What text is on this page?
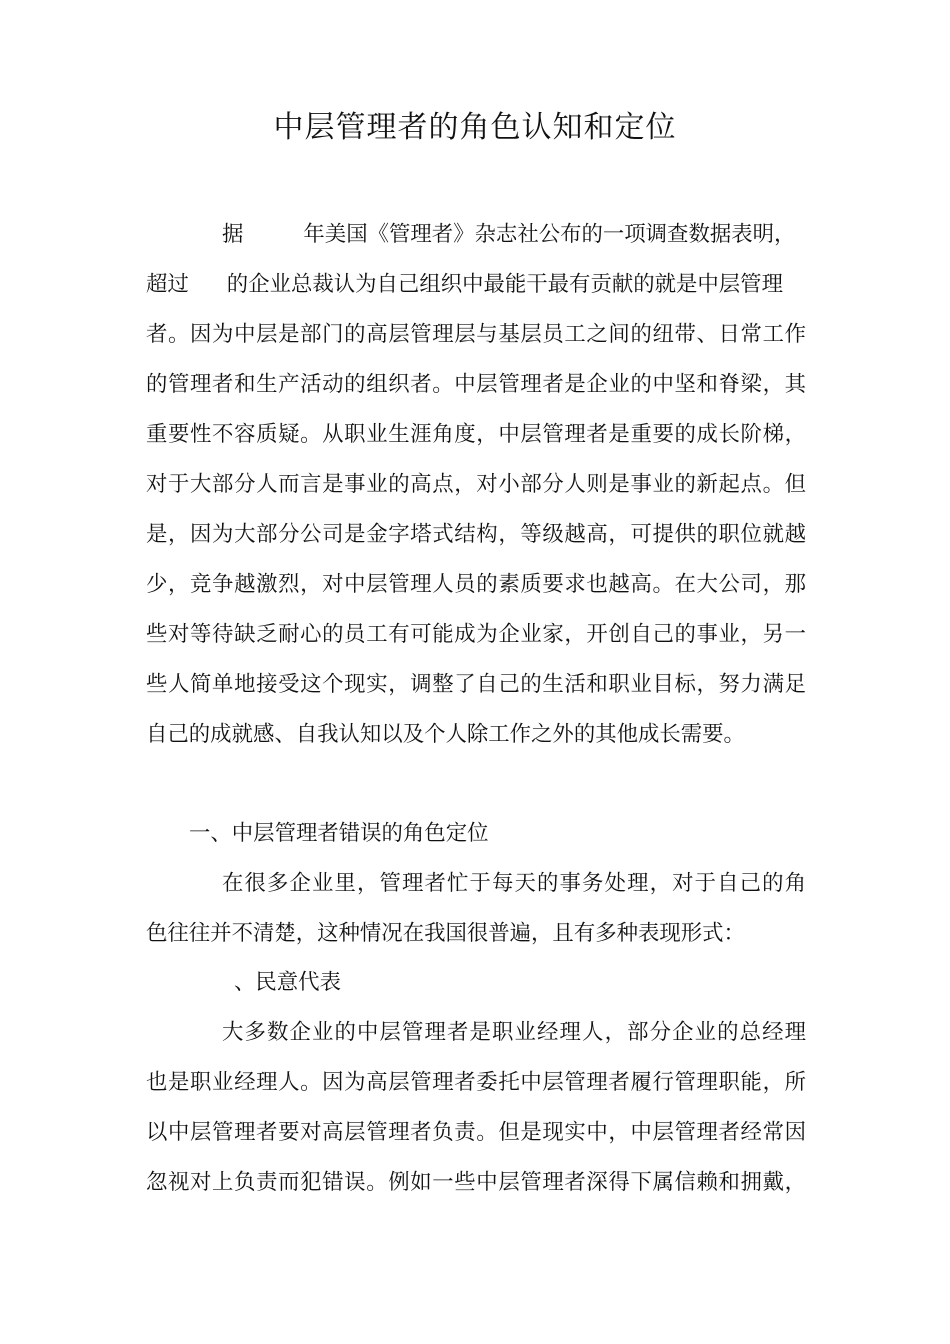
中层管理者的角色认知和定位
据	年美国《管理者》杂志社公布的一项调查数据表明，
超过 的企业总裁认为自己组织中最能干最有贡献的就是中层管理
者。因为中层是部门的高层管理层与基层员工之间的纽带、日常工作
的管理者和生产活动的组织者。中层管理者是企业的中坚和脊梁，其
重要性不容质疑。从职业生涯角度，中层管理者是重要的成长阶梯，
对于大部分人而言是事业的高点，对小部分人则是事业的新起点。但
是，因为大部分公司是金字塔式结构，等级越高，可提供的职位就越
少，竞争越激烈，对中层管理人员的素质要求也越高。在大公司，那
些对等待缺乏耐心的员工有可能成为企业家，开创自己的事业，另一
些人简单地接受这个现实，调整了自己的生活和职业目标，努力满足
自己的成就感、自我认知以及个人除工作之外的其他成长需要。
一、中层管理者错误的角色定位
在很多企业里，管理者忙于每天的事务处理，对于自己的角
色往往并不清楚，这种情况在我国很普遍，且有多种表现形式：
、民意代表
大多数企业的中层管理者是职业经理人，部分企业的总经理
也是职业经理人。因为高层管理者委托中层管理者履行管理职能，所
以中层管理者要对高层管理者负责。但是现实中，中层管理者经常因
忽视对上负责而犯错误。例如一些中层管理者深得下属信赖和拥戴，
